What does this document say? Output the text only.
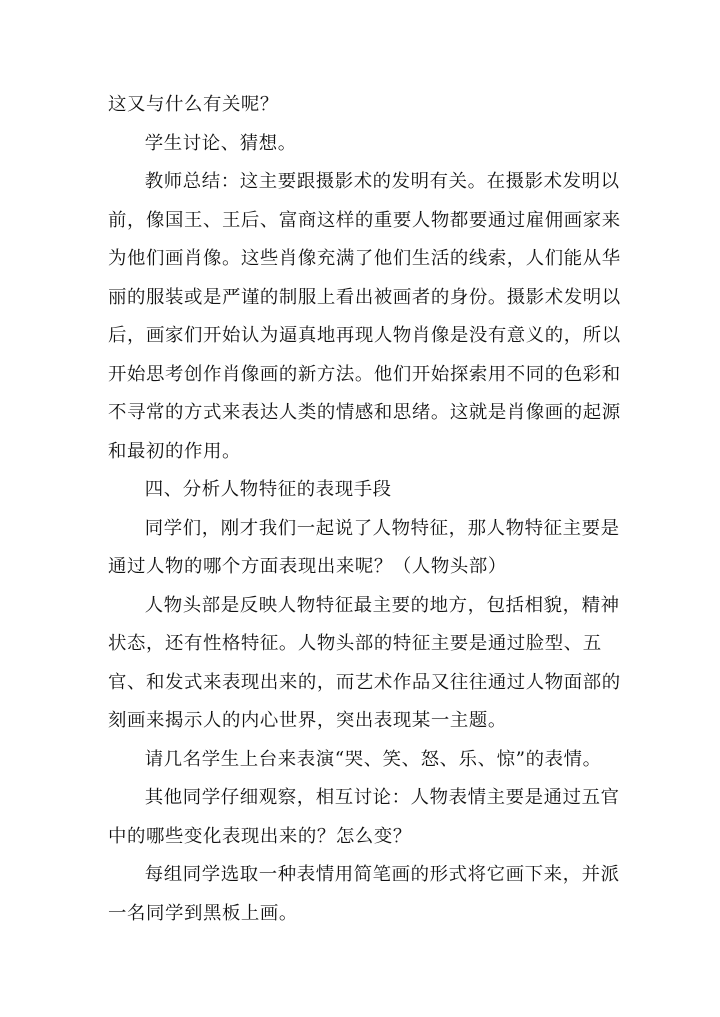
这又与什么有关呢？

学生讨论、猜想。

教师总结：这主要跟摄影术的发明有关。在摄影术发明以前，像国王、王后、富商这样的重要人物都要通过雇佣画家来为他们画肖像。这些肖像充满了他们生活的线索，人们能从华丽的服装或是严谨的制服上看出被画者的身份。摄影术发明以后，画家们开始认为逼真地再现人物肖像是没有意义的，所以开始思考创作肖像画的新方法。他们开始探索用不同的色彩和不寻常的方式来表达人类的情感和思绪。这就是肖像画的起源和最初的作用。

四、分析人物特征的表现手段

同学们，刚才我们一起说了人物特征，那人物特征主要是通过人物的哪个方面表现出来呢？（人物头部）

人物头部是反映人物特征最主要的地方，包括相貌，精神状态，还有性格特征。人物头部的特征主要是通过脸型、五官、和发式来表现出来的，而艺术作品又往往通过人物面部的刻画来揭示人的内心世界，突出表现某一主题。

请几名学生上台来表演“哭、笑、怒、乐、惊”的表情。

其他同学仔细观察，相互讨论：人物表情主要是通过五官中的哪些变化表现出来的？怎么变？

每组同学选取一种表情用简笔画的形式将它画下来，并派一名同学到黑板上画。
